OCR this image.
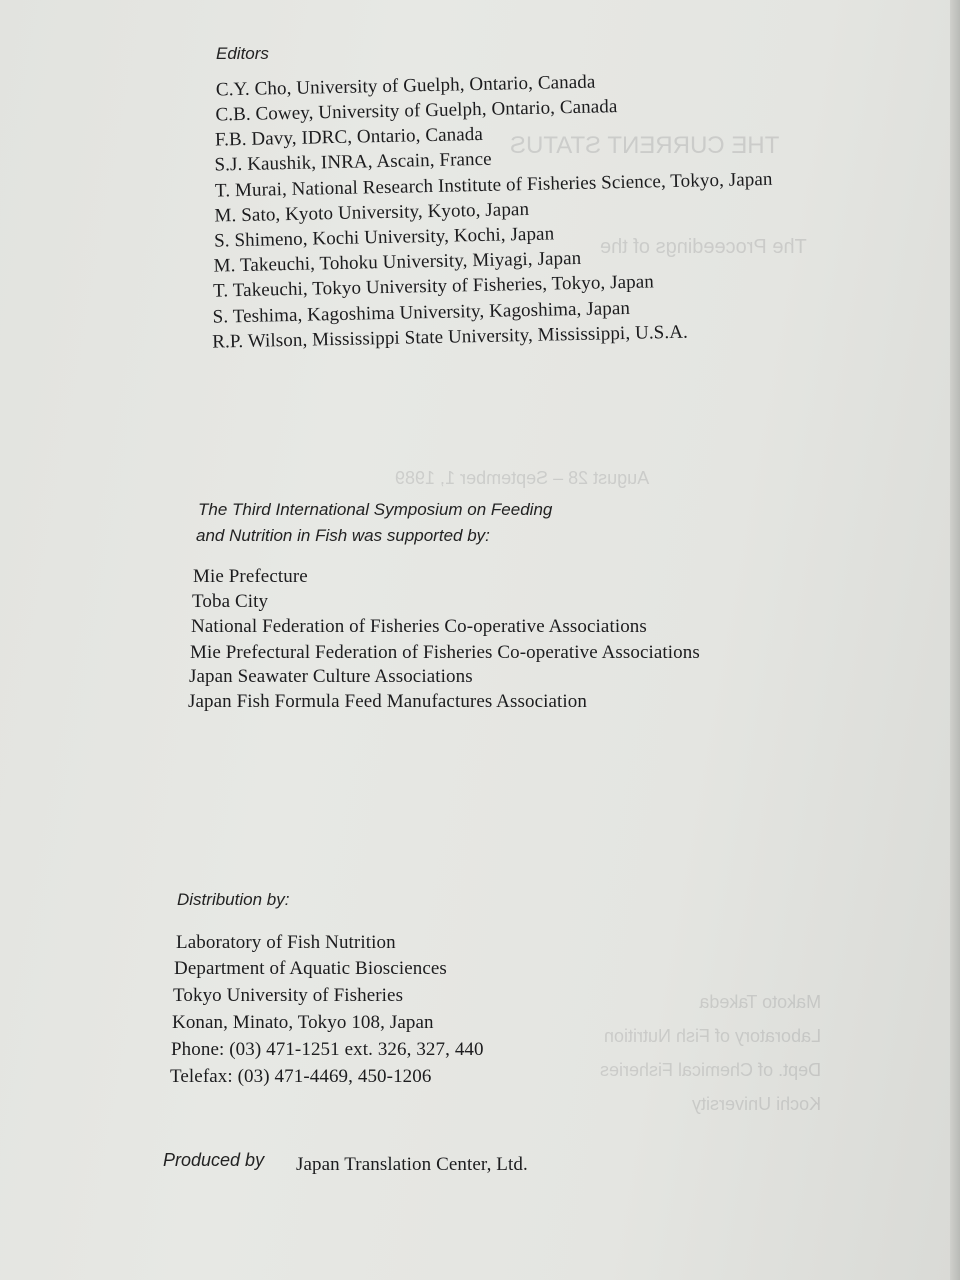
THE CURRENT STATUS
The Proceedings of the
August 28 – September 1, 1989
Makoto Takeda
Laboratory of Fish Nutrition
Dept. of Chemical Fisheries
Kochi University
Editors
C.Y. Cho, University of Guelph, Ontario, Canada
C.B. Cowey, University of Guelph, Ontario, Canada
F.B. Davy, IDRC, Ontario, Canada
S.J. Kaushik, INRA, Ascain, France
T. Murai, National Research Institute of Fisheries Science, Tokyo, Japan
M. Sato, Kyoto University, Kyoto, Japan
S. Shimeno, Kochi University, Kochi, Japan
M. Takeuchi, Tohoku University, Miyagi, Japan
T. Takeuchi, Tokyo University of Fisheries, Tokyo, Japan
S. Teshima, Kagoshima University, Kagoshima, Japan
R.P. Wilson, Mississippi State University, Mississippi, U.S.A.
The Third International Symposium on Feeding
and Nutrition in Fish was supported by:
Mie Prefecture
Toba City
National Federation of Fisheries Co-operative Associations
Mie Prefectural Federation of Fisheries Co-operative Associations
Japan Seawater Culture Associations
Japan Fish Formula Feed Manufactures Association
Distribution by:
Laboratory of Fish Nutrition
Department of Aquatic Biosciences
Tokyo University of Fisheries
Konan, Minato, Tokyo 108, Japan
Phone: (03) 471-1251 ext. 326, 327, 440
Telefax: (03) 471-4469, 450-1206
Produced by Japan Translation Center, Ltd.
